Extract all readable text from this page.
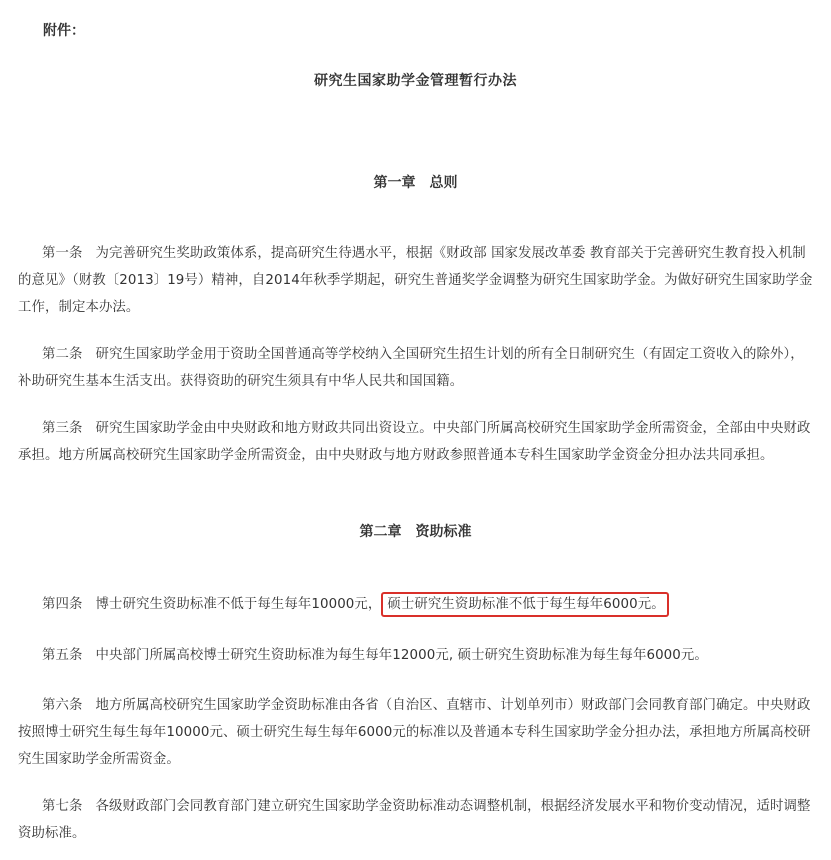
附件：
研究生国家助学金管理暂行办法
第一章 总则
第一条 为完善研究生奖助政策体系，提高研究生待遇水平，根据《财政部 国家发展改革委 教育部关于完善研究生教育投入机制的意见》（财教〔2013〕19号）精神，自2014年秋季学期起，研究生普通奖学金调整为研究生国家助学金。为做好研究生国家助学金工作，制定本办法。
第二条 研究生国家助学金用于资助全国普通高等学校纳入全国研究生招生计划的所有全日制研究生（有固定工资收入的除外），补助研究生基本生活支出。获得资助的研究生须具有中华人民共和国国籍。
第三条 研究生国家助学金由中央财政和地方财政共同出资设立。中央部门所属高校研究生国家助学金所需资金，全部由中央财政承担。地方所属高校研究生国家助学金所需资金，由中央财政与地方财政参照普通本专科生国家助学金资金分担办法共同承担。
第二章 资助标准
第四条 博士研究生资助标准不低于每生每年10000元， 硕士研究生资助标准不低于每生每年6000元。
第五条 中央部门所属高校博士研究生资助标准为每生每年12000元, 硕士研究生资助标准为每生每年6000元。
第六条 地方所属高校研究生国家助学金资助标准由各省（自治区、直辖市、计划单列市）财政部门会同教育部门确定。中央财政按照博士研究生每生每年10000元、硕士研究生每生每年6000元的标准以及普通本专科生国家助学金分担办法，承担地方所属高校研究生国家助学金所需资金。
第七条 各级财政部门会同教育部门建立研究生国家助学金资助标准动态调整机制，根据经济发展水平和物价变动情况，适时调整资助标准。
